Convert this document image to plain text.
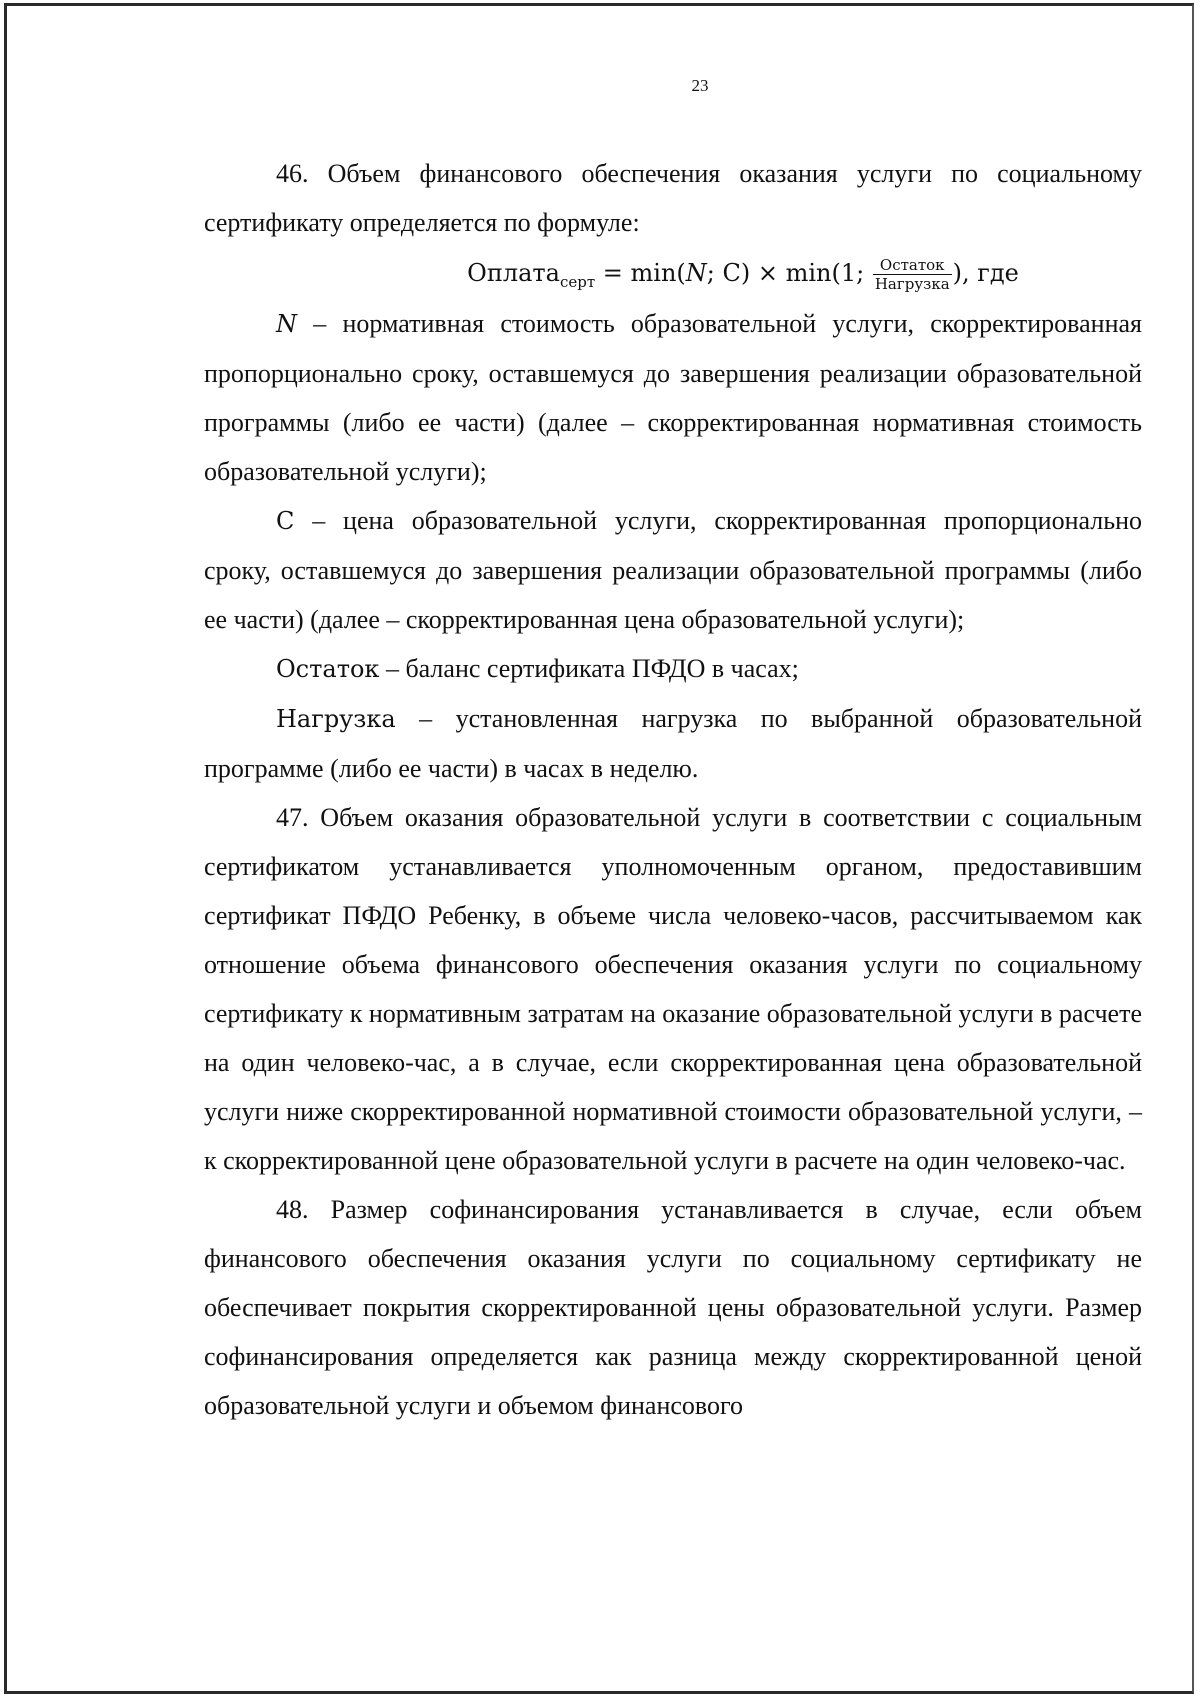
23

46. Объем финансового обеспечения оказания услуги по социальному сертификату определяется по формуле:

Оплата$_{серт}$ = min(N; С) × min(1; $\frac{\text{Остаток}}{\text{Нагрузка}}$ ), где

N – нормативная стоимость образовательной услуги, скорректированная пропорционально сроку, оставшемуся до завершения реализации образовательной программы (либо ее части) (далее – скорректированная нормативная стоимость образовательной услуги);

С – цена образовательной услуги, скорректированная пропорционально сроку, оставшемуся до завершения реализации образовательной программы (либо ее части) (далее – скорректированная цена образовательной услуги);

Остаток – баланс сертификата ПФДО в часах;

Нагрузка – установленная нагрузка по выбранной образовательной программе (либо ее части) в часах в неделю.

47. Объем оказания образовательной услуги в соответствии с социальным сертификатом устанавливается уполномоченным органом, предоставившим сертификат ПФДО Ребенку, в объеме числа человеко-часов, рассчитываемом как отношение объема финансового обеспечения оказания услуги по социальному сертификату к нормативным затратам на оказание образовательной услуги в расчете на один человеко-час, а в случае, если скорректированная цена образовательной услуги ниже скорректированной нормативной стоимости образовательной услуги, – к скорректированной цене образовательной услуги в расчете на один человеко-час.

48. Размер софинансирования устанавливается в случае, если объем финансового обеспечения оказания услуги по социальному сертификату не обеспечивает покрытия скорректированной цены образовательной услуги. Размер софинансирования определяется как разница между скорректированной ценой образовательной услуги и объемом финансового
